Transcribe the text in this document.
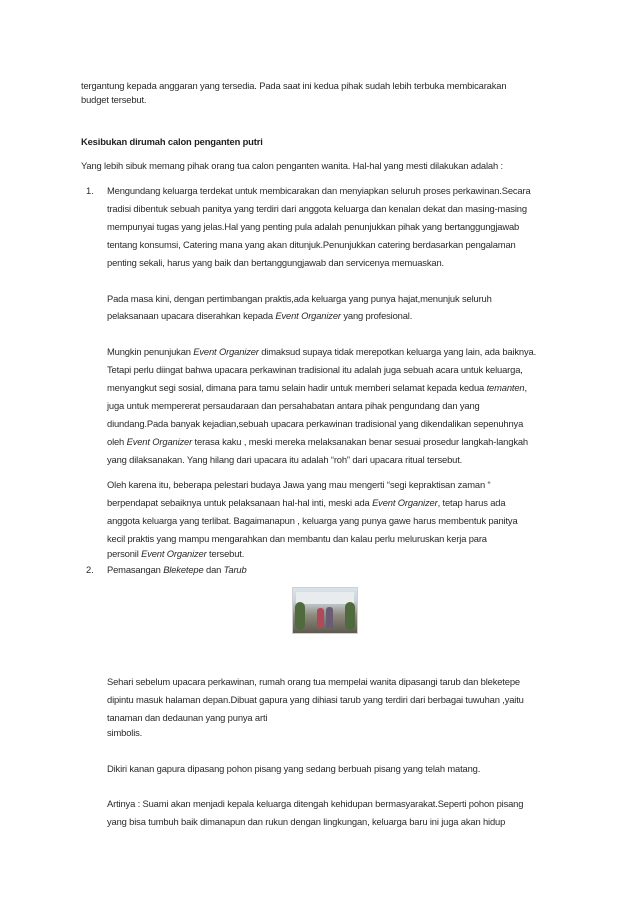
tergantung kepada anggaran yang tersedia. Pada saat ini kedua pihak sudah lebih terbuka membicarakan
budget tersebut.
Kesibukan dirumah calon penganten putri
Yang lebih sibuk memang pihak orang tua calon penganten wanita. Hal-hal yang mesti dilakukan adalah :
1. Mengundang keluarga terdekat untuk membicarakan dan menyiapkan seluruh proses perkawinan.Secara
tradisi dibentuk sebuah panitya yang terdiri dari anggota keluarga dan kenalan dekat dan masing-masing
mempunyai tugas yang jelas.Hal yang penting pula adalah penunjukkan pihak yang bertanggungjawab
tentang konsumsi, Catering mana yang akan ditunjuk.Penunjukkan catering berdasarkan pengalaman
penting sekali, harus yang baik dan bertanggungjawab dan servicenya memuaskan.
Pada masa kini, dengan pertimbangan praktis,ada keluarga yang punya hajat,menunjuk seluruh
pelaksanaan upacara diserahkan kepada Event Organizer yang profesional.
Mungkin penunjukan Event Organizer dimaksud supaya tidak merepotkan keluarga yang lain, ada baiknya.
Tetapi perlu diingat bahwa upacara perkawinan tradisional itu adalah juga sebuah acara untuk keluarga,
menyangkut segi sosial, dimana para tamu selain hadir untuk memberi selamat kepada kedua temanten,
juga untuk mempererat persaudaraan dan persahabatan antara pihak pengundang dan yang
diundang.Pada banyak kejadian,sebuah upacara perkawinan tradisional yang dikendalikan sepenuhnya
oleh Event Organizer terasa kaku , meski mereka melaksanakan benar sesuai prosedur langkah-langkah
yang dilaksanakan. Yang hilang dari upacara itu adalah “roh” dari upacara ritual tersebut.
Oleh karena itu, beberapa pelestari budaya Jawa yang mau mengerti “segi kepraktisan zaman “
berpendapat sebaiknya untuk pelaksanaan hal-hal inti, meski ada Event Organizer, tetap harus ada
anggota keluarga yang terlibat. Bagaimanapun , keluarga yang punya gawe harus membentuk panitya
kecil praktis yang mampu mengarahkan dan membantu dan kalau perlu meluruskan kerja para
personil Event Organizer tersebut.
2. Pemasangan Bleketepe dan Tarub
Sehari sebelum upacara perkawinan, rumah orang tua mempelai wanita dipasangi tarub dan bleketepe
dipintu masuk halaman depan.Dibuat gapura yang dihiasi tarub yang terdiri dari berbagai tuwuhan ,yaitu
tanaman dan dedaunan yang punya arti
simbolis.
Dikiri kanan gapura dipasang pohon pisang yang sedang berbuah pisang yang telah matang.
Artinya : Suami akan menjadi kepala keluarga ditengah kehidupan bermasyarakat.Seperti pohon pisang
yang bisa tumbuh baik dimanapun dan rukun dengan lingkungan, keluarga baru ini juga akan hidup
